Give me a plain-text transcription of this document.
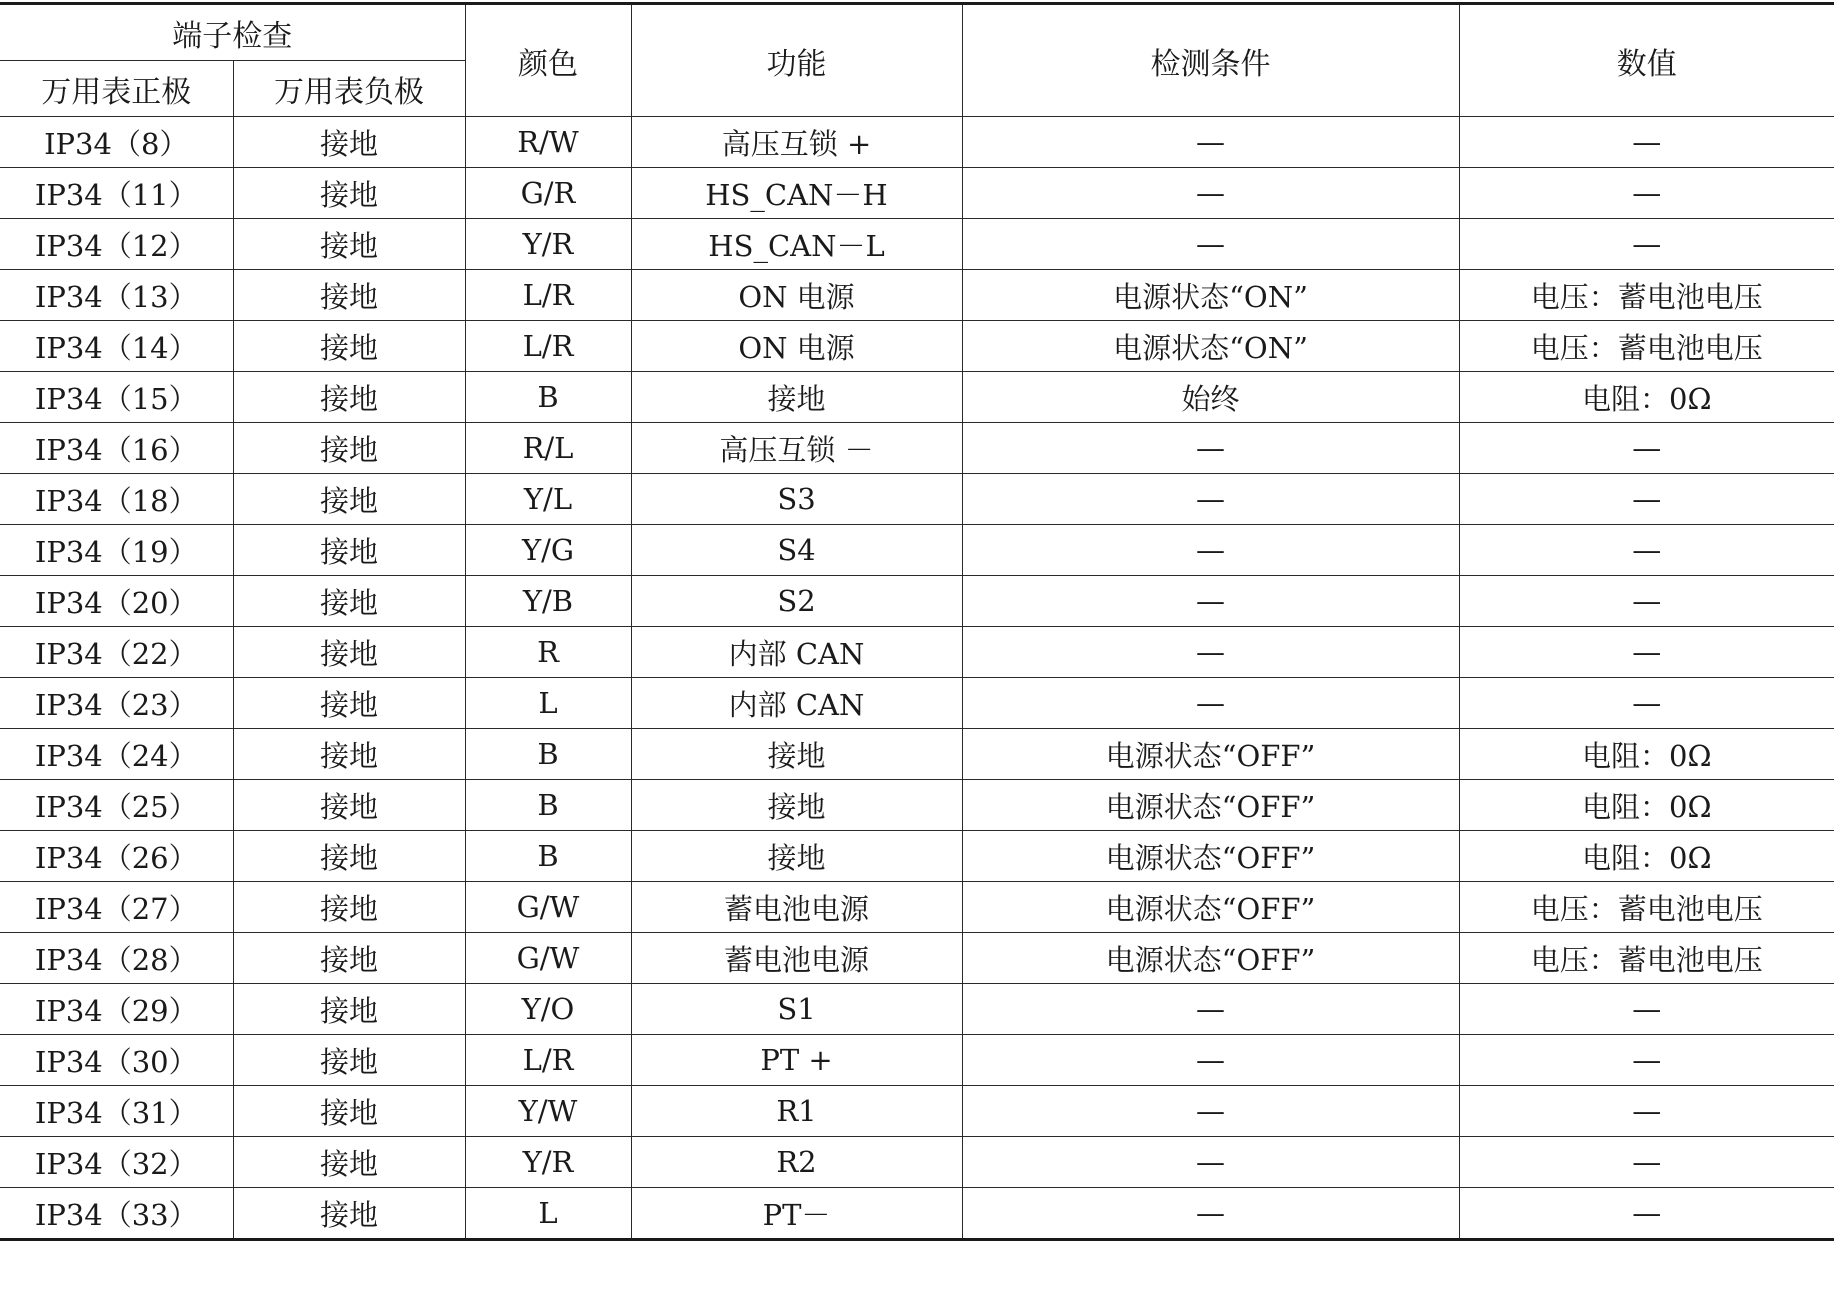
端子检查		颜色	功能	检测条件	数值
万用表正极	万用表负极				
IP34（8）	接地	R/W	高压互锁 +	—	—
IP34（11）	接地	G/R	HS_CAN－H	—	—
IP34（12）	接地	Y/R	HS_CAN－L	—	—
IP34（13）	接地	L/R	ON 电源	电源状态“ON”	电压：蓄电池电压
IP34（14）	接地	L/R	ON 电源	电源状态“ON”	电压：蓄电池电压
IP34（15）	接地	B	接地	始终	电阻：0Ω
IP34（16）	接地	R/L	高压互锁 －	—	—
IP34（18）	接地	Y/L	S3	—	—
IP34（19）	接地	Y/G	S4	—	—
IP34（20）	接地	Y/B	S2	—	—
IP34（22）	接地	R	内部 CAN	—	—
IP34（23）	接地	L	内部 CAN	—	—
IP34（24）	接地	B	接地	电源状态“OFF”	电阻：0Ω
IP34（25）	接地	B	接地	电源状态“OFF”	电阻：0Ω
IP34（26）	接地	B	接地	电源状态“OFF”	电阻：0Ω
IP34（27）	接地	G/W	蓄电池电源	电源状态“OFF”	电压：蓄电池电压
IP34（28）	接地	G/W	蓄电池电源	电源状态“OFF”	电压：蓄电池电压
IP34（29）	接地	Y/O	S1	—	—
IP34（30）	接地	L/R	PT +	—	—
IP34（31）	接地	Y/W	R1	—	—
IP34（32）	接地	Y/R	R2	—	—
IP34（33）	接地	L	PT－	—	—
